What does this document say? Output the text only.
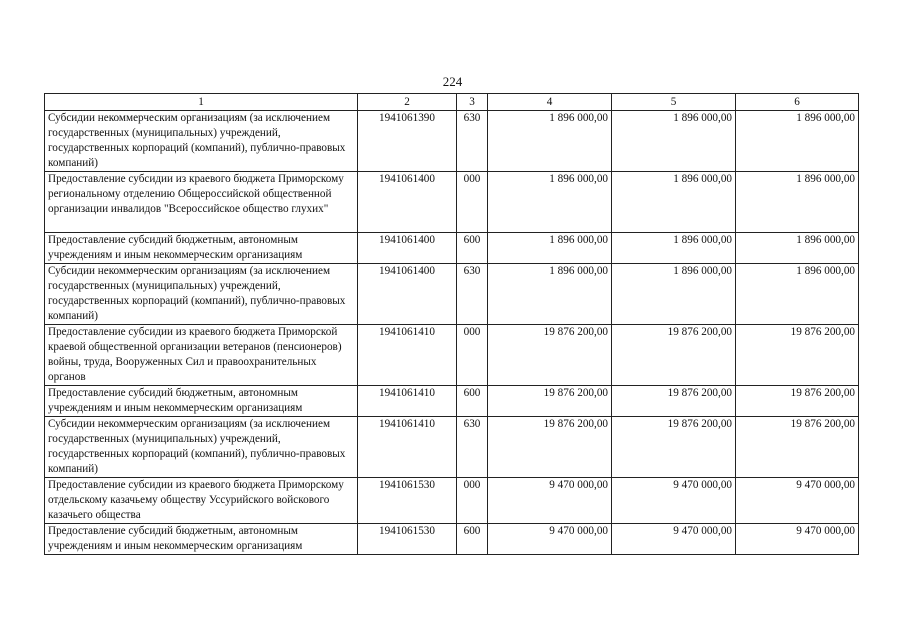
224
1	2	3	4	5	6
Субсидии некоммерческим организациям (за исключением государственных (муниципальных) учреждений, государственных корпораций (компаний), публично-правовых компаний)	1941061390	630	1 896 000,00	1 896 000,00	1 896 000,00
Предоставление субсидии из краевого бюджета Приморскому региональному отделению Общероссийской общественной организации инвалидов "Всероссийское общество глухих"	1941061400	000	1 896 000,00	1 896 000,00	1 896 000,00
Предоставление субсидий бюджетным, автономным учреждениям и иным некоммерческим организациям	1941061400	600	1 896 000,00	1 896 000,00	1 896 000,00
Субсидии некоммерческим организациям (за исключением государственных (муниципальных) учреждений, государственных корпораций (компаний), публично-правовых компаний)	1941061400	630	1 896 000,00	1 896 000,00	1 896 000,00
Предоставление субсидии из краевого бюджета Приморской краевой общественной организации ветеранов (пенсионеров) войны, труда, Вооруженных Сил и правоохранительных органов	1941061410	000	19 876 200,00	19 876 200,00	19 876 200,00
Предоставление субсидий бюджетным, автономным учреждениям и иным некоммерческим организациям	1941061410	600	19 876 200,00	19 876 200,00	19 876 200,00
Субсидии некоммерческим организациям (за исключением государственных (муниципальных) учреждений, государственных корпораций (компаний), публично-правовых компаний)	1941061410	630	19 876 200,00	19 876 200,00	19 876 200,00
Предоставление субсидии из краевого бюджета Приморскому отдельскому казачьему обществу Уссурийского войскового казачьего общества	1941061530	000	9 470 000,00	9 470 000,00	9 470 000,00
Предоставление субсидий бюджетным, автономным учреждениям и иным некоммерческим организациям	1941061530	600	9 470 000,00	9 470 000,00	9 470 000,00
